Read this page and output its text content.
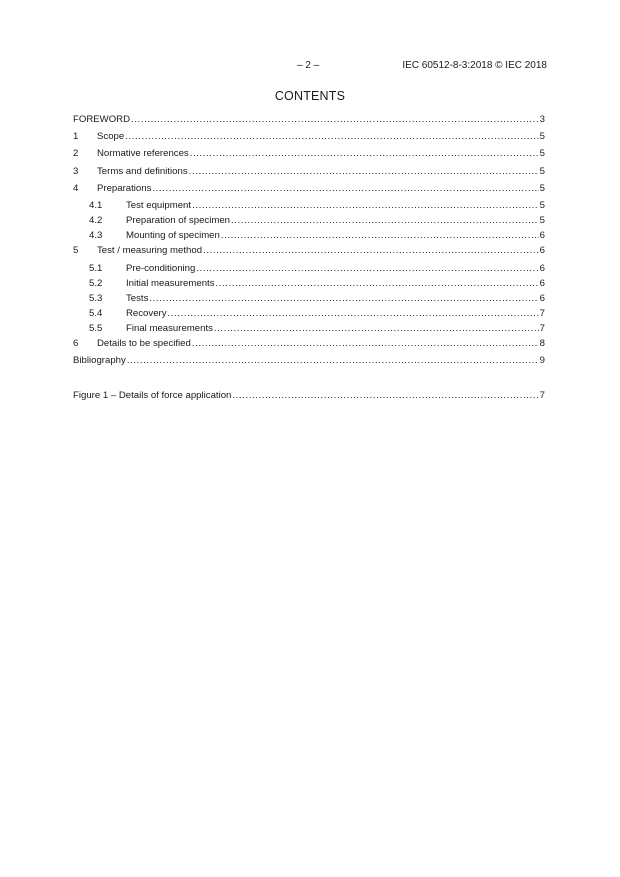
– 2 –	IEC 60512-8-3:2018 © IEC 2018
CONTENTS
FOREWORD .....	3
1	Scope .....	5
2	Normative references .....	5
3	Terms and definitions .....	5
4	Preparations .....	5
4.1	Test equipment .....	5
4.2	Preparation of specimen .....	5
4.3	Mounting of specimen .....	6
5	Test / measuring method .....	6
5.1	Pre-conditioning .....	6
5.2	Initial measurements .....	6
5.3	Tests .....	6
5.4	Recovery .....	7
5.5	Final measurements .....	7
6	Details to be specified .....	8
Bibliography .....	9
Figure 1 – Details of force application .....	7
